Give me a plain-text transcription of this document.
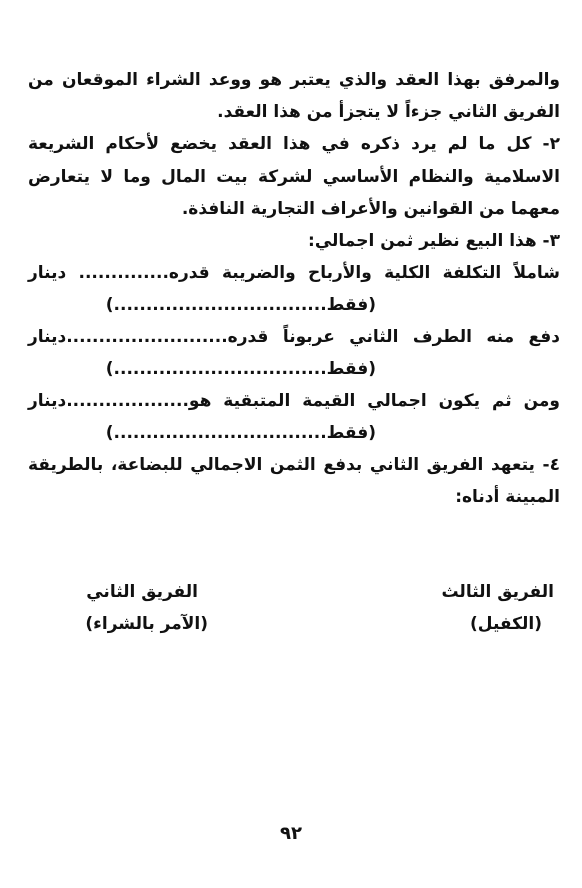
والمرفق بهذا العقد والذي يعتبر هو ووعد الشراء الموقعان من
الفريق الثاني جزءاً لا يتجزأ من هذا العقد.
٢- كل ما لم يرد ذكره في هذا العقد يخضع لأحكام الشريعة
الاسلامية والنظام الأساسي لشركة بيت المال وما لا يتعارض
معهما من القوانين والأعراف التجارية النافذة.
٣- هذا البيع نظير ثمن اجمالي:
شاملاً التكلفة الكلية والأرباح والضريبة قدره.............. دينار
(فقط.................................)
دفع منه الطرف الثاني عربوناً قدره.........................دينار
(فقط.................................)
ومن ثم يكون اجمالي القيمة المتبقية هو...................دينار
(فقط.................................)
٤- يتعهد الفريق الثاني بدفع الثمن الاجمالي للبضاعة، بالطريقة
المبينة أدناه:
الفريق الثالث
(الكفيل)
الفريق الثاني
(الآمر بالشراء)
٩٢
